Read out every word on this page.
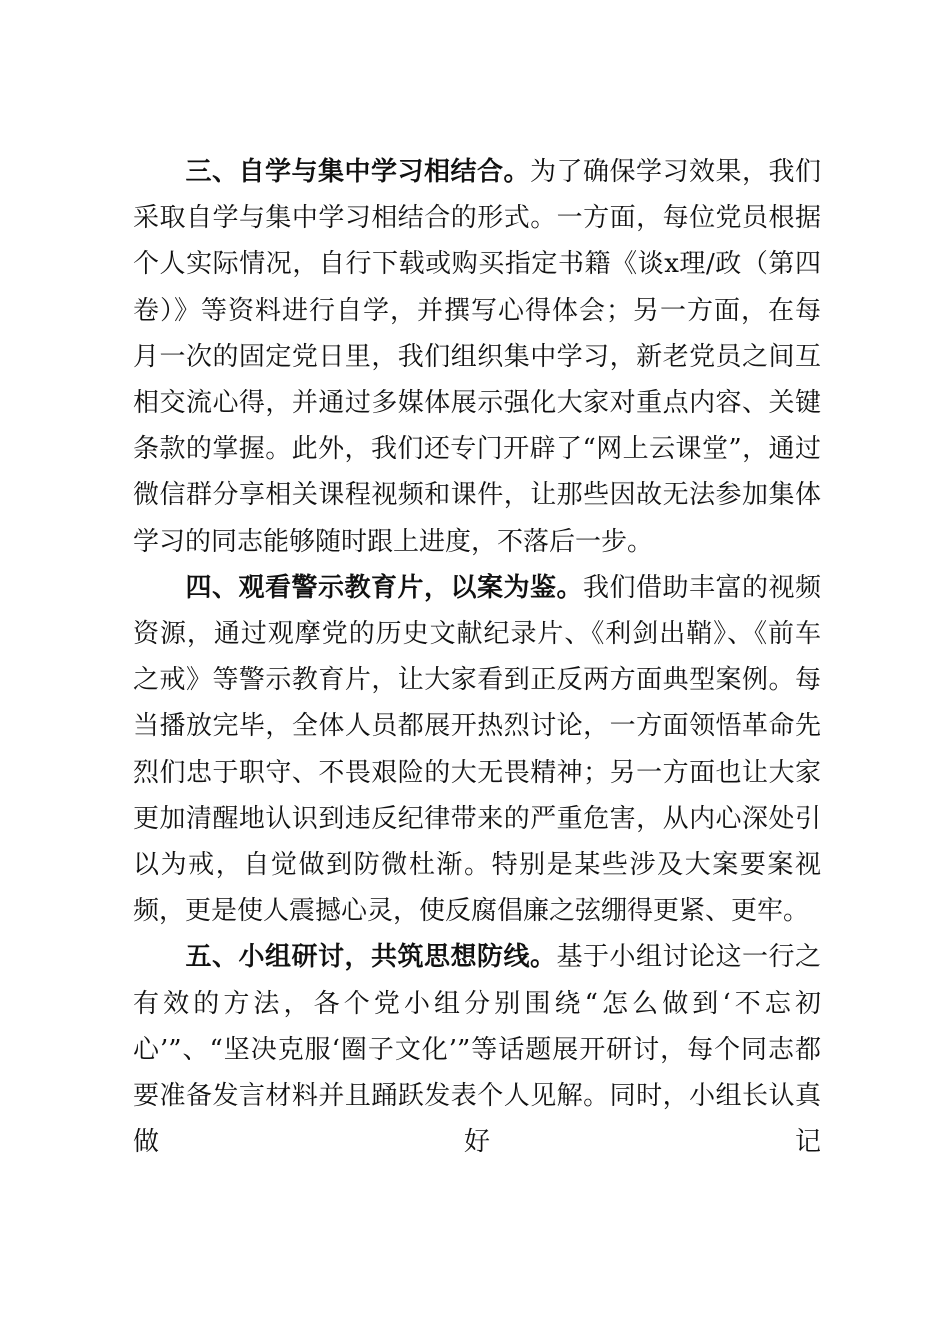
三、自学与集中学习相结合。为了确保学习效果，我们采取自学与集中学习相结合的形式。一方面，每位党员根据个人实际情况，自行下载或购买指定书籍《谈x理/政（第四卷）》等资料进行自学，并撰写心得体会；另一方面，在每月一次的固定党日里，我们组织集中学习，新老党员之间互相交流心得，并通过多媒体展示强化大家对重点内容、关键条款的掌握。此外，我们还专门开辟了“网上云课堂”，通过微信群分享相关课程视频和课件，让那些因故无法参加集体学习的同志能够随时跟上进度，不落后一步。

四、观看警示教育片，以案为鉴。我们借助丰富的视频资源，通过观摩党的历史文献纪录片、《利剑出鞘》、《前车之戒》等警示教育片，让大家看到正反两方面典型案例。每当播放完毕，全体人员都展开热烈讨论，一方面领悟革命先烈们忠于职守、不畏艰险的大无畏精神；另一方面也让大家更加清醒地认识到违反纪律带来的严重危害，从内心深处引以为戒，自觉做到防微杜渐。特别是某些涉及大案要案视频，更是使人震撼心灵，使反腐倡廉之弦绷得更紧、更牢。

五、小组研讨，共筑思想防线。基于小组讨论这一行之有效的方法，各个党小组分别围绕“怎么做到‘不忘初心’”、“坚决克服‘圈子文化’”等话题展开研讨，每个同志都要准备发言材料并且踊跃发表个人见解。同时，小组长认真做好记
